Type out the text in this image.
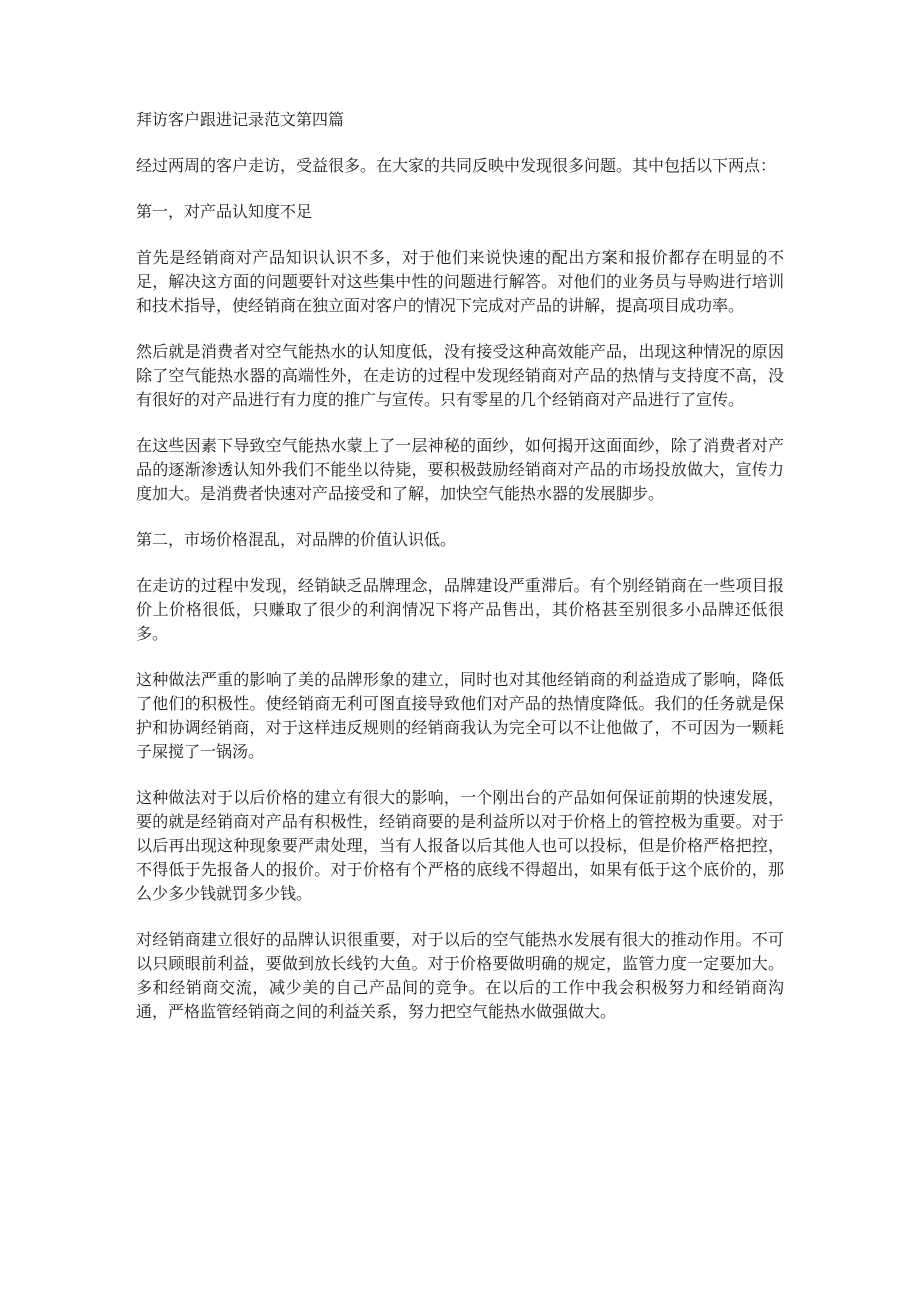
拜访客户跟进记录范文第四篇

经过两周的客户走访，受益很多。在大家的共同反映中发现很多问题。其中包括以下两点：

第一，对产品认知度不足

首先是经销商对产品知识认识不多，对于他们来说快速的配出方案和报价都存在明显的不足，解决这方面的问题要针对这些集中性的问题进行解答。对他们的业务员与导购进行培训和技术指导，使经销商在独立面对客户的情况下完成对产品的讲解，提高项目成功率。

然后就是消费者对空气能热水的认知度低，没有接受这种高效能产品，出现这种情况的原因除了空气能热水器的高端性外，在走访的过程中发现经销商对产品的热情与支持度不高，没有很好的对产品进行有力度的推广与宣传。只有零星的几个经销商对产品进行了宣传。

在这些因素下导致空气能热水蒙上了一层神秘的面纱，如何揭开这面面纱，除了消费者对产品的逐渐渗透认知外我们不能坐以待毙，要积极鼓励经销商对产品的市场投放做大，宣传力度加大。是消费者快速对产品接受和了解，加快空气能热水器的发展脚步。

第二，市场价格混乱，对品牌的价值认识低。

在走访的过程中发现，经销缺乏品牌理念，品牌建设严重滞后。有个别经销商在一些项目报价上价格很低，只赚取了很少的利润情况下将产品售出，其价格甚至别很多小品牌还低很多。

这种做法严重的影响了美的品牌形象的建立，同时也对其他经销商的利益造成了影响，降低了他们的积极性。使经销商无利可图直接导致他们对产品的热情度降低。我们的任务就是保护和协调经销商，对于这样违反规则的经销商我认为完全可以不让他做了，不可因为一颗耗子屎搅了一锅汤。

这种做法对于以后价格的建立有很大的影响，一个刚出台的产品如何保证前期的快速发展，要的就是经销商对产品有积极性，经销商要的是利益所以对于价格上的管控极为重要。对于以后再出现这种现象要严肃处理，当有人报备以后其他人也可以投标，但是价格严格把控，不得低于先报备人的报价。对于价格有个严格的底线不得超出，如果有低于这个底价的，那么少多少钱就罚多少钱。

对经销商建立很好的品牌认识很重要，对于以后的空气能热水发展有很大的推动作用。不可以只顾眼前利益，要做到放长线钓大鱼。对于价格要做明确的规定，监管力度一定要加大。多和经销商交流，减少美的自己产品间的竞争。在以后的工作中我会积极努力和经销商沟通，严格监管经销商之间的利益关系，努力把空气能热水做强做大。
